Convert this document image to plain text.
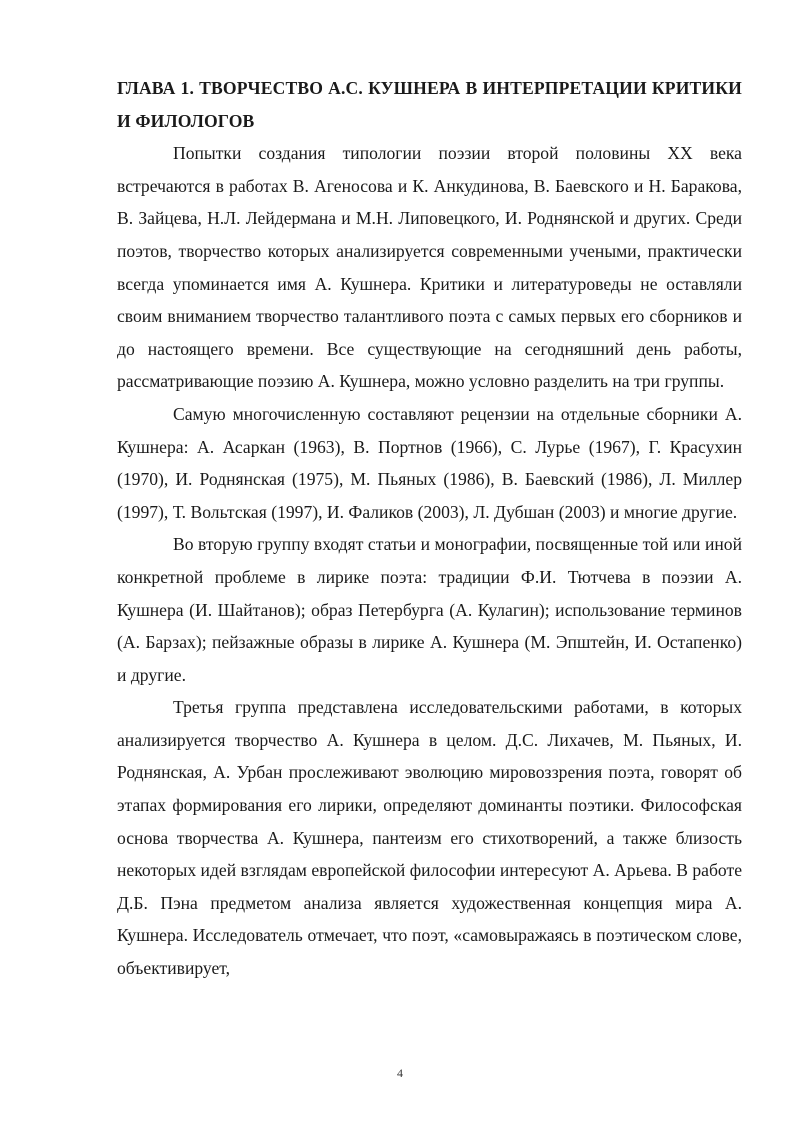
ГЛАВА 1. ТВОРЧЕСТВО А.С. КУШНЕРА В ИНТЕРПРЕТАЦИИ КРИТИКИ И ФИЛОЛОГОВ

Попытки создания типологии поэзии второй половины XX века встречаются в работах В. Агеносова и К. Анкудинова, В. Баевского и Н. Баракова, В. Зайцева, Н.Л. Лейдермана и М.Н. Липовецкого, И. Роднянской и других. Среди поэтов, творчество которых анализируется современными учеными, практически всегда упоминается имя А. Кушнера. Критики и литературоведы не оставляли своим вниманием творчество талантливого поэта с самых первых его сборников и до настоящего времени. Все существующие на сегодняшний день работы, рассматривающие поэзию А. Кушнера, можно условно разделить на три группы.

Самую многочисленную составляют рецензии на отдельные сборники А. Кушнера: А. Асаркан (1963), В. Портнов (1966), С. Лурье (1967), Г. Красухин (1970), И. Роднянская (1975), М. Пьяных (1986), В. Баевский (1986), Л. Миллер (1997), Т. Вольтская (1997), И. Фаликов (2003), Л. Дубшан (2003) и многие другие.

Во вторую группу входят статьи и монографии, посвященные той или иной конкретной проблеме в лирике поэта: традиции Ф.И. Тютчева в поэзии А. Кушнера (И. Шайтанов); образ Петербурга (А. Кулагин); использование терминов (А. Барзах); пейзажные образы в лирике А. Кушнера (М. Эпштейн, И. Остапенко) и другие.

Третья группа представлена исследовательскими работами, в которых анализируется творчество А. Кушнера в целом. Д.С. Лихачев, М. Пьяных, И. Роднянская, А. Урбан прослеживают эволюцию мировоззрения поэта, говорят об этапах формирования его лирики, определяют доминанты поэтики. Философская основа творчества А. Кушнера, пантеизм его стихотворений, а также близость некоторых идей взглядам европейской философии интересуют А. Арьева. В работе Д.Б. Пэна предметом анализа является художественная концепция мира А. Кушнера. Исследователь отмечает, что поэт, «самовыражаясь в поэтическом слове, объективирует,

4
